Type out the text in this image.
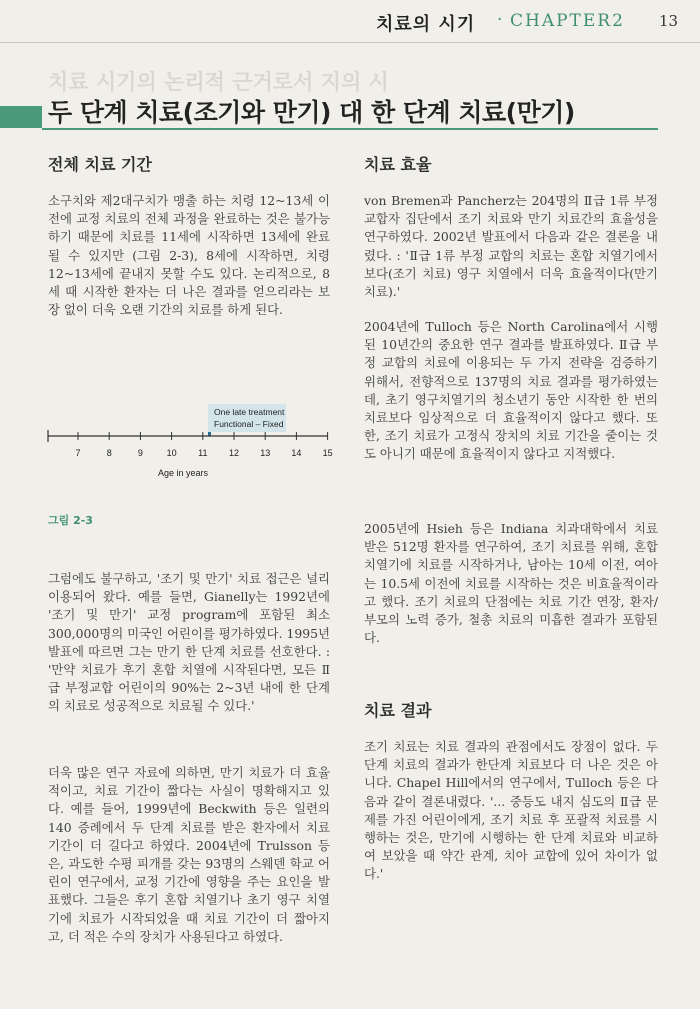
치료의 시기 · CHAPTER2 13
치료 시기의 논리적 근거로서 지의 시
두 단계 치료(조기와 만기) 대 한 단계 치료(만기)
전체 치료 기간

소구치와 제2대구치가 맹출 하는 치령 12~13세 이전에 교정 치료의 전체 과정을 완료하는 것은 불가능하기 때문에 치료를 11세에 시작하면 13세에 완료될 수 있지만 (그림 2-3), 8세에 시작하면, 치령 12~13세에 끝내지 못할 수도 있다. 논리적으로, 8세 때 시작한 환자는 더 나은 결과를 얻으리라는 보장 없이 더욱 오랜 기간의 치료를 하게 된다.

One late treatment
Functional – Fixed
7	8	9	10 11 12 13 14 15
Age in years
그림 2-3

그럼에도 불구하고, '조기 및 만기' 치료 접근은 널리 이용되어 왔다. 예를 들면, Gianelly는 1992년에 '조기 및 만기' 교정 program에 포함된 최소 300,000명의 미국인 어린이를 평가하였다. 1995년 발표에 따르면 그는 만기 한 단계 치료를 선호한다. : '만약 치료가 후기 혼합 치열에 시작된다면, 모든 Ⅱ급 부정교합 어린이의 90%는 2~3년 내에 한 단계의 치료로 성공적으로 치료될 수 있다.'

더욱 많은 연구 자료에 의하면, 만기 치료가 더 효율적이고, 치료 기간이 짧다는 사실이 명확해지고 있다. 예를 들어, 1999년에 Beckwith 등은 일련의 140 증례에서 두 단계 치료를 받은 환자에서 치료 기간이 더 길다고 하였다. 2004년에 Trulsson 등은, 과도한 수평 피개를 갖는 93명의 스웨덴 학교 어린이 연구에서, 교정 기간에 영향을 주는 요인을 발표했다. 그들은 후기 혼합 치열기나 초기 영구 치열기에 치료가 시작되었을 때 치료 기간이 더 짧아지고, 더 적은 수의 장치가 사용된다고 하였다.

치료 효율

von Bremen과 Pancherz는 204명의 Ⅱ급 1류 부정 교합자 집단에서 조기 치료와 만기 치료간의 효율성을 연구하였다. 2002년 발표에서 다음과 같은 결론을 내렸다. : 'Ⅱ급 1류 부정 교합의 치료는 혼합 치열기에서 보다(조기 치료) 영구 치열에서 더욱 효율적이다(만기 치료).'

2004년에 Tulloch 등은 North Carolina에서 시행된 10년간의 중요한 연구 결과를 발표하였다. Ⅱ급 부정 교합의 치료에 이용되는 두 가지 전략을 검증하기 위해서, 전향적으로 137명의 치료 결과를 평가하였는데, 초기 영구치열기의 청소년기 동안 시작한 한 번의 치료보다 임상적으로 더 효율적이지 않다고 했다. 또한, 조기 치료가 고정식 장치의 치료 기간을 줄이는 것도 아니기 때문에 효율적이지 않다고 지적했다.

2005년에 Hsieh 등은 Indiana 치과대학에서 치료 받은 512명 환자를 연구하여, 조기 치료를 위해, 혼합 치열기에 치료를 시작하거나, 남아는 10세 이전, 여아는 10.5세 이전에 치료를 시작하는 것은 비효율적이라고 했다. 조기 치료의 단점에는 치료 기간 연장, 환자/부모의 노력 증가, 철총 치료의 미흡한 결과가 포함된다.

치료 결과

조기 치료는 치료 결과의 관점에서도 장점이 없다. 두단계 치료의 결과가 한단계 치료보다 더 나은 것은 아니다. Chapel Hill에서의 연구에서, Tulloch 등은 다음과 같이 결론내렸다. '... 중등도 내지 심도의 Ⅱ급 문제를 가진 어린이에게, 조기 치료 후 포괄적 치료를 시행하는 것은, 만기에 시행하는 한 단계 치료와 비교하여 보았을 때 약간 관계, 치아 교합에 있어 차이가 없다.'
